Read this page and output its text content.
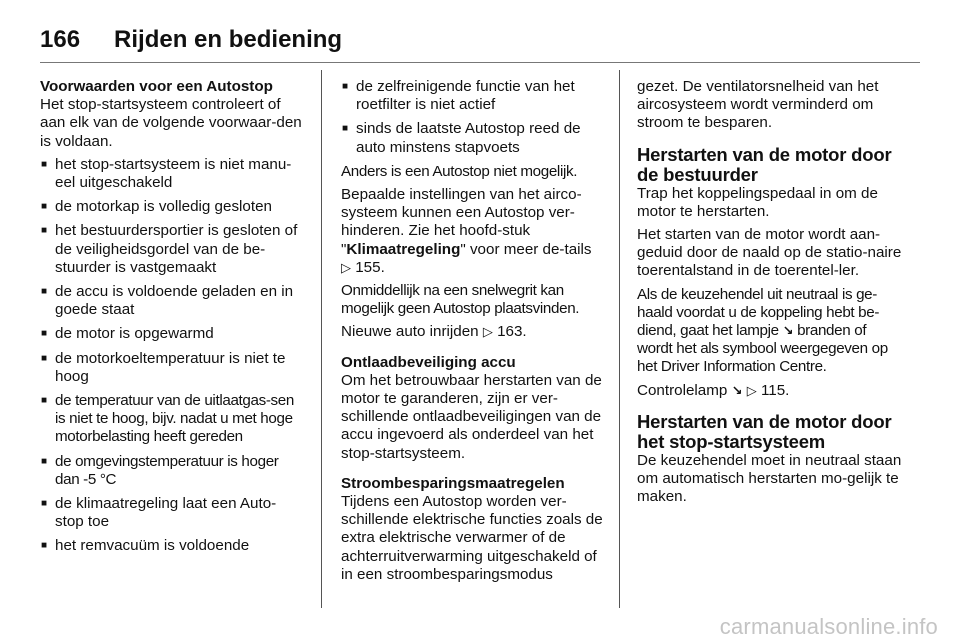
166 Rijden en bediening

Voorwaarden voor een Autostop

Het stop-startsysteem controleert of aan elk van de volgende voorwaar-den is voldaan.

■ het stop-startsysteem is niet manu-eel uitgeschakeld
■ de motorkap is volledig gesloten
■ het bestuurdersportier is gesloten of de veiligheidsgordel van de be-stuurder is vastgemaakt
■ de accu is voldoende geladen en in goede staat
■ de motor is opgewarmd
■ de motorkoeltemperatuur is niet te hoog
■ de temperatuur van de uitlaatgas-sen is niet te hoog, bijv. nadat u met hoge motorbelasting heeft gereden
■ de omgevingstemperatuur is hoger dan -5 °C
■ de klimaatregeling laat een Auto-stop toe
■ het remvacuüm is voldoende
■ de zelfreinigende functie van het roetfilter is niet actief
■ sinds de laatste Autostop reed de auto minstens stapvoets

Anders is een Autostop niet mogelijk.

Bepaalde instellingen van het airco-systeem kunnen een Autostop ver-hinderen. Zie het hoofd-stuk "Klimaatregeling" voor meer de-tails ▷ 155.

Onmiddellijk na een snelwegrit kan mogelijk geen Autostop plaatsvinden.

Nieuwe auto inrijden ▷ 163.

Ontlaadbeveiliging accu

Om het betrouwbaar herstarten van de motor te garanderen, zijn er ver-schillende ontlaadbeveiligingen van de accu ingevoerd als onderdeel van het stop-startsysteem.

Stroombesparingsmaatregelen

Tijdens een Autostop worden ver-schillende elektrische functies zoals de extra elektrische verwarmer of de achterruitverwarming uitgeschakeld of in een stroombesparingsmodus

gezet. De ventilatorsnelheid van het aircosysteem wordt verminderd om stroom te besparen.

Herstarten van de motor door de bestuurder

Trap het koppelingspedaal in om de motor te herstarten.

Het starten van de motor wordt aan-geduid door de naald op de statio-naire toerentalstand in de toerentel-ler.

Als de keuzehendel uit neutraal is ge-haald voordat u de koppeling hebt be-diend, gaat het lampje ↘ branden of wordt het als symbool weergegeven op het Driver Information Centre.

Controlelamp ↘ ▷ 115.

Herstarten van de motor door het stop-startsysteem

De keuzehendel moet in neutraal staan om automatisch herstarten mo-gelijk te maken.

carmanualsonline.info
